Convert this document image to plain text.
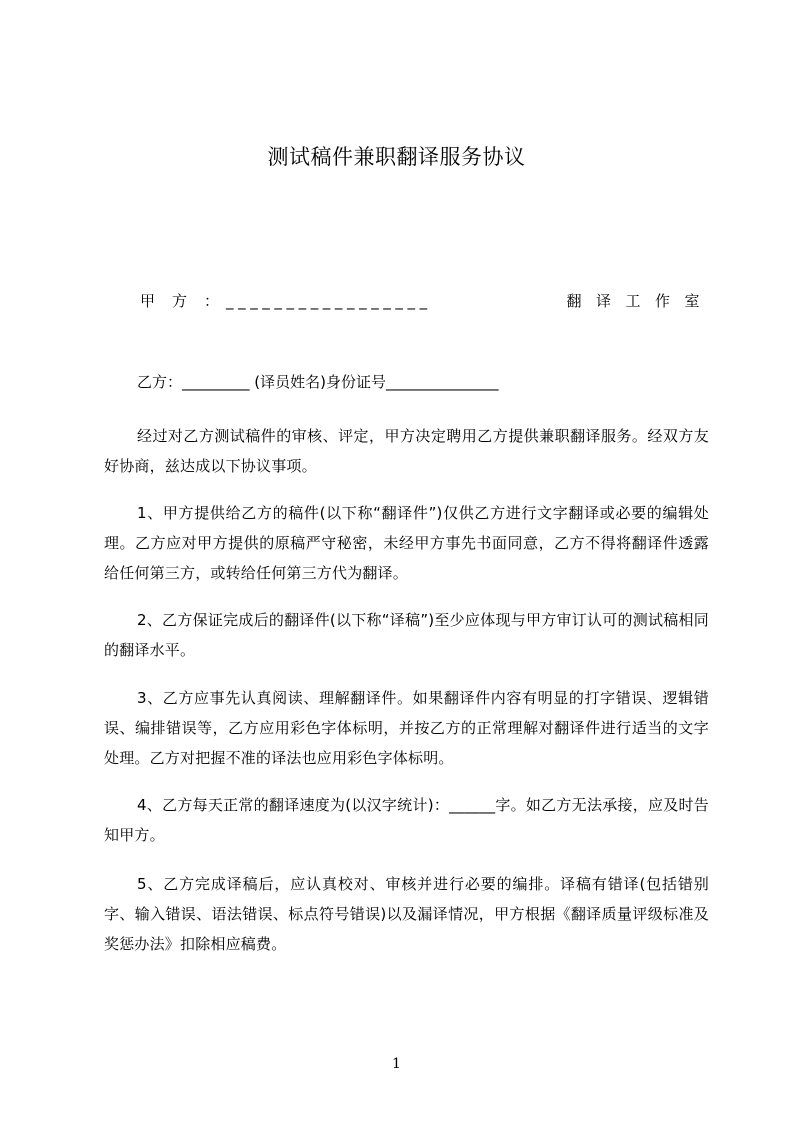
测试稿件兼职翻译服务协议
甲方：
_________________	翻译工作室
乙方：_________ (译员姓名)身份证号_______________

经过对乙方测试稿件的审核、评定，甲方决定聘用乙方提供兼职翻译服务。经双方友好协商，兹达成以下协议事项。

1、甲方提供给乙方的稿件(以下称“翻译件”)仅供乙方进行文字翻译或必要的编辑处理。乙方应对甲方提供的原稿严守秘密，未经甲方事先书面同意，乙方不得将翻译件透露给任何第三方，或转给任何第三方代为翻译。

2、乙方保证完成后的翻译件(以下称“译稿”)至少应体现与甲方审订认可的测试稿相同的翻译水平。

3、乙方应事先认真阅读、理解翻译件。如果翻译件内容有明显的打字错误、逻辑错误、编排错误等，乙方应用彩色字体标明，并按乙方的正常理解对翻译件进行适当的文字处理。乙方对把握不准的译法也应用彩色字体标明。

4、乙方每天正常的翻译速度为(以汉字统计)：______字。如乙方无法承接，应及时告知甲方。

5、乙方完成译稿后，应认真校对、审核并进行必要的编排。译稿有错译(包括错别字、输入错误、语法错误、标点符号错误)以及漏译情况，甲方根据《翻译质量评级标准及奖惩办法》扣除相应稿费。

1
